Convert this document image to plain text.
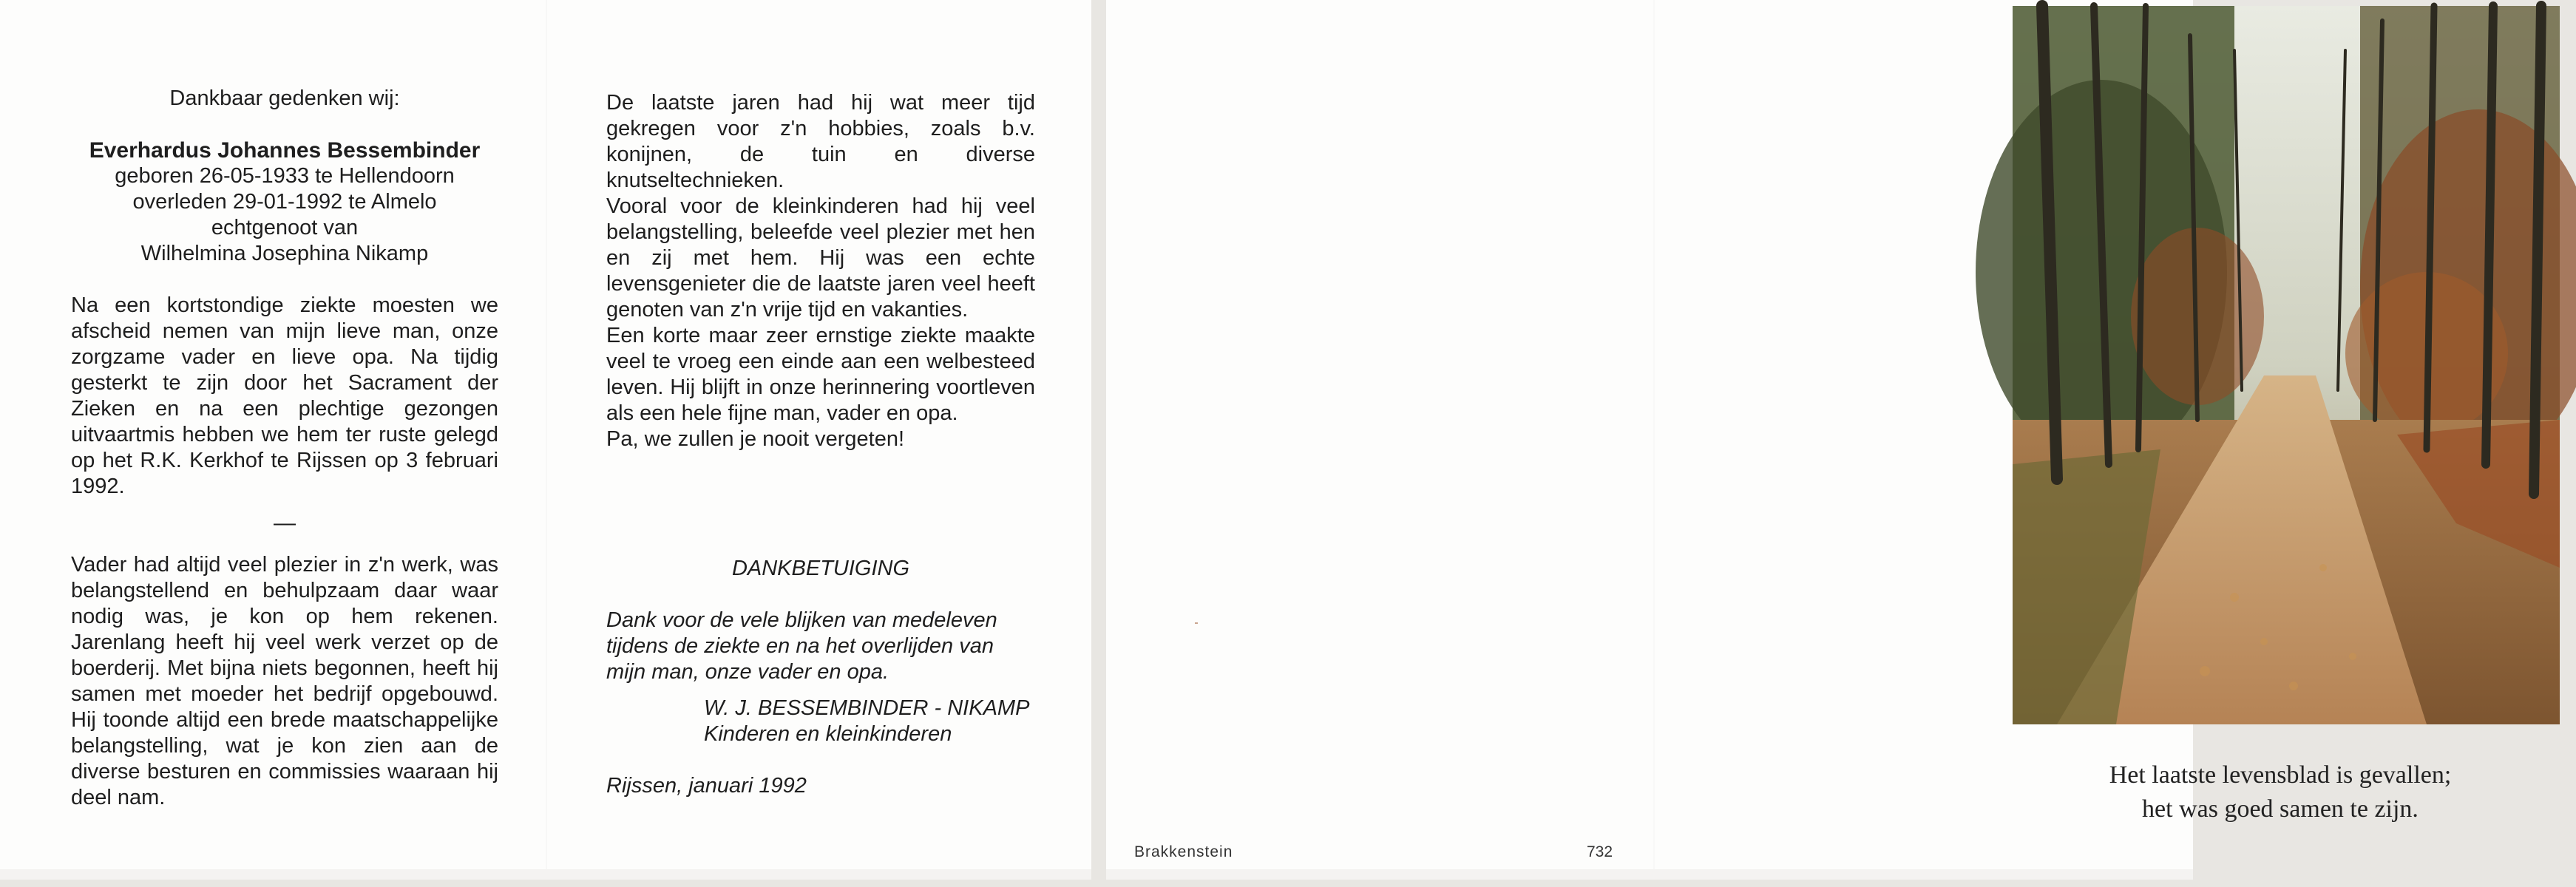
Dankbaar gedenken wij:

Everhardus Johannes Bessembinder

geboren 26-05-1933 te Hellendoorn

overleden 29-01-1992 te Almelo

echtgenoot van

Wilhelmina Josephina Nikamp

Na een kortstondige ziekte moesten we afscheid nemen van mijn lieve man, onze zorgzame vader en lieve opa. Na tijdig gesterkt te zijn door het Sacrament der Zieken en na een plechtige gezongen uitvaartmis hebben we hem ter ruste gelegd op het R.K. Kerkhof te Rijssen op 3 februari 1992.

—

Vader had altijd veel plezier in z'n werk, was belangstellend en behulpzaam daar waar nodig was, je kon op hem rekenen. Jarenlang heeft hij veel werk verzet op de boerderij. Met bijna niets begonnen, heeft hij samen met moeder het bedrijf opgebouwd. Hij toonde altijd een brede maatschappelijke belangstelling, wat je kon zien aan de diverse besturen en commissies waaraan hij deel nam.

De laatste jaren had hij wat meer tijd gekregen voor z'n hobbies, zoals b.v. konijnen, de tuin en diverse knutseltechnieken.

Vooral voor de kleinkinderen had hij veel belangstelling, beleefde veel plezier met hen en zij met hem. Hij was een echte levensgenieter die de laatste jaren veel heeft genoten van z'n vrije tijd en vakanties.

Een korte maar zeer ernstige ziekte maakte veel te vroeg een einde aan een welbesteed leven. Hij blijft in onze herinnering voortleven als een hele fijne man, vader en opa.

Pa, we zullen je nooit vergeten!

DANKBETUIGING

Dank voor de vele blijken van medeleven tijdens de ziekte en na het overlijden van mijn man, onze vader en opa.

W. J. BESSEMBINDER - NIKAMP

Kinderen en kleinkinderen

Rijssen, januari 1992	Het laatste levensblad is gevallen;

het was goed samen te zijn.

Brakkenstein	732
